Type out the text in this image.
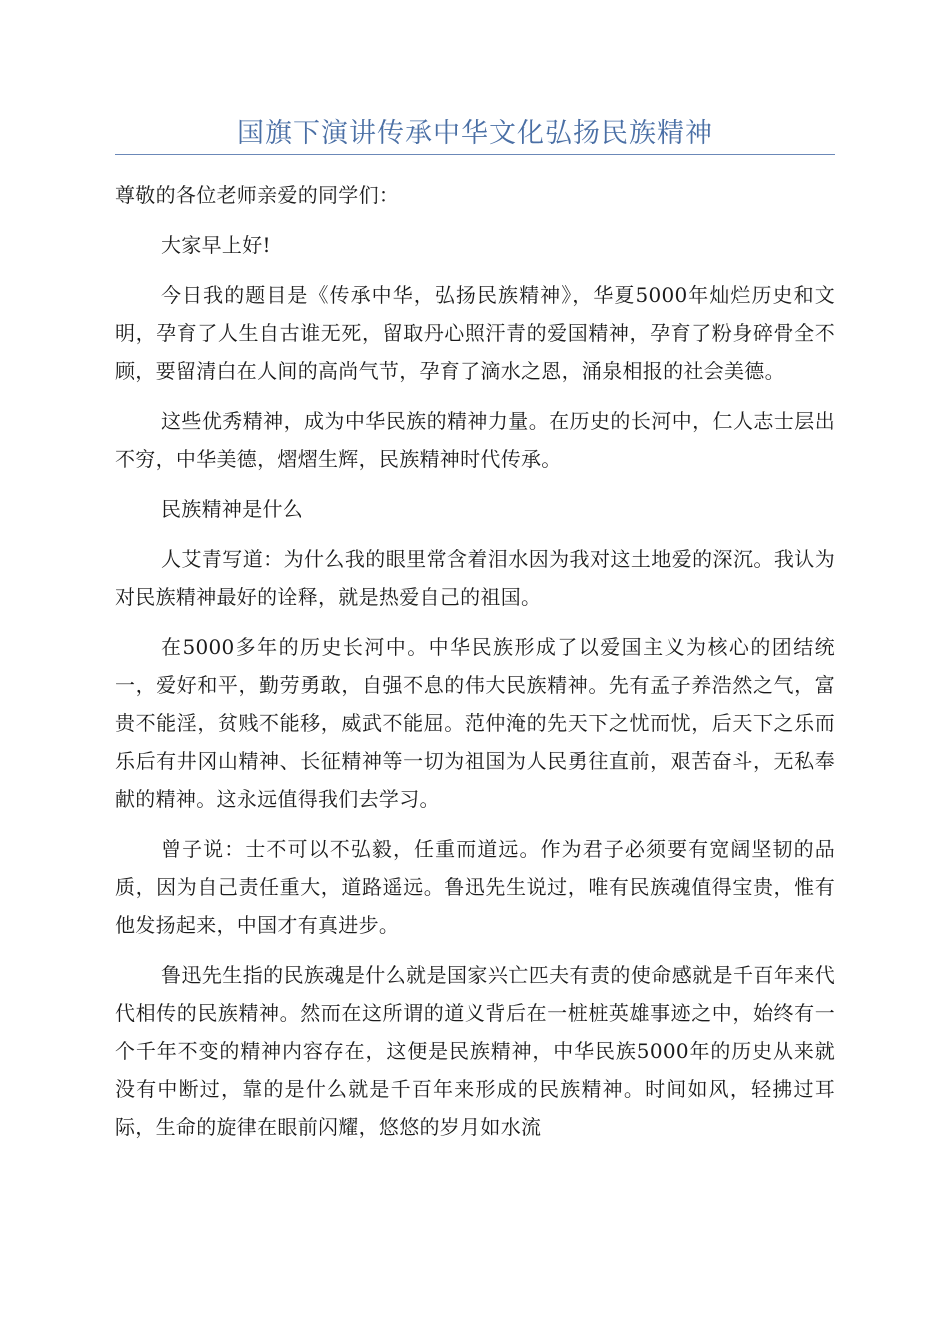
国旗下演讲传承中华文化弘扬民族精神

尊敬的各位老师亲爱的同学们：

大家早上好!

今日我的题目是《传承中华，弘扬民族精神》，华夏5000年灿烂历史和文明，孕育了人生自古谁无死，留取丹心照汗青的爱国精神，孕育了粉身碎骨全不顾，要留清白在人间的高尚气节，孕育了滴水之恩，涌泉相报的社会美德。

这些优秀精神，成为中华民族的精神力量。在历史的长河中，仁人志士层出不穷，中华美德，熠熠生辉，民族精神时代传承。

民族精神是什么

人艾青写道：为什么我的眼里常含着泪水因为我对这土地爱的深沉。我认为对民族精神最好的诠释，就是热爱自己的祖国。

在5000多年的历史长河中。中华民族形成了以爱国主义为核心的团结统一，爱好和平，勤劳勇敢，自强不息的伟大民族精神。先有孟子养浩然之气，富贵不能淫，贫贱不能移，威武不能屈。范仲淹的先天下之忧而忧，后天下之乐而乐后有井冈山精神、长征精神等一切为祖国为人民勇往直前，艰苦奋斗，无私奉献的精神。这永远值得我们去学习。

曾子说：士不可以不弘毅，任重而道远。作为君子必须要有宽阔坚韧的品质，因为自己责任重大，道路遥远。鲁迅先生说过，唯有民族魂值得宝贵，惟有他发扬起来，中国才有真进步。

鲁迅先生指的民族魂是什么就是国家兴亡匹夫有责的使命感就是千百年来代代相传的民族精神。然而在这所谓的道义背后在一桩桩英雄事迹之中，始终有一个千年不变的精神内容存在，这便是民族精神，中华民族5000年的历史从来就没有中断过，靠的是什么就是千百年来形成的民族精神。时间如风，轻拂过耳际，生命的旋律在眼前闪耀，悠悠的岁月如水流
